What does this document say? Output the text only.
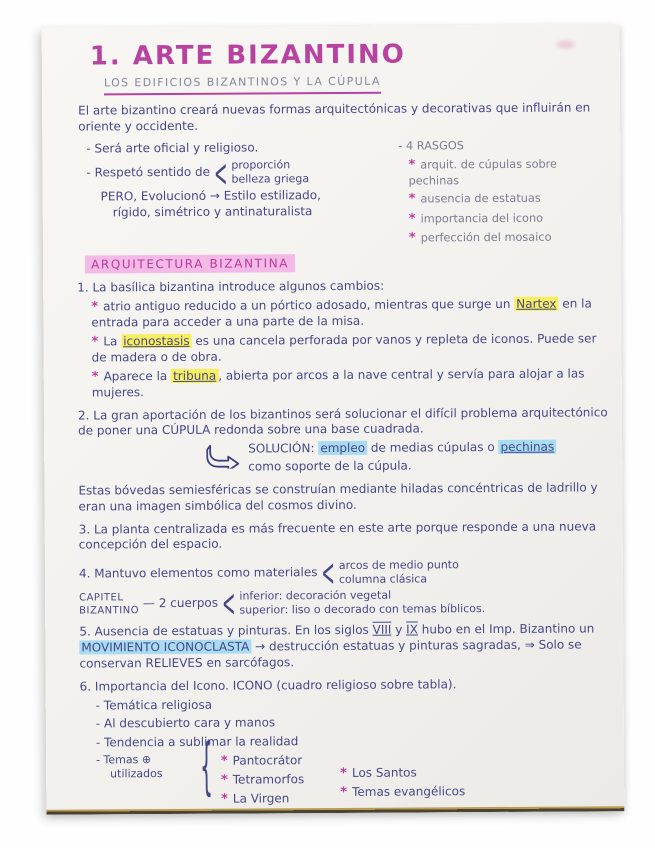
1. ARTE BIZANTINO
LOS EDIFICIOS BIZANTINOS Y LA CÚPULA

El arte bizantino creará nuevas formas arquitectónicas y decorativas que influirán en oriente y occidente.

- Será arte oficial y religioso.

- Respetó sentido de < proporción
belleza griega

PERO, Evolucionó → Estilo estilizado,

rígido, simétrico y antinaturalista

- 4 RASGOS

* arquit. de cúpulas sobre pechinas

* ausencia de estatuas

* importancia del icono

* perfección del mosaico

ARQUITECTURA BIZANTINA

1. La basílica bizantina introduce algunos cambios:

* atrio antiguo reducido a un pórtico adosado, mientras que surge un Nartex en la entrada para acceder a una parte de la misa.

* La iconostasis es una cancela perforada por vanos y repleta de iconos. Puede ser de madera o de obra.

* Aparece la tribuna , abierta por arcos a la nave central y servía para alojar a las mujeres.

2. La gran aportación de los bizantinos será solucionar el difícil problema arquitectónico de poner una CÚPULA redonda sobre una base cuadrada.

SOLUCIÓN: empleo de medias cúpulas o pechinas como soporte de la cúpula.

Estas bóvedas semiesféricas se construían mediante hiladas concéntricas de ladrillo y eran una imagen simbólica del cosmos divino.

3. La planta centralizada es más frecuente en este arte porque responde a una nueva concepción del espacio.

4. Mantuvo elementos como materiales < arcos de medio punto
columna clásica
CAPITEL
BIZANTINO
— 2 cuerpos < inferior: decoración vegetal
superior: liso o decorado con temas bíblicos.

5. Ausencia de estatuas y pinturas. En los siglos VIII y IX hubo en el Imp. Bizantino un MOVIMIENTO ICONOCLASTA → destrucción estatuas y pinturas sagradas, ⇒ Solo se conservan RELIEVES en sarcófagos.

6. Importancia del Icono. ICONO (cuadro religioso sobre tabla).

- Temática religiosa

- Al descubierto cara y manos

- Tendencia a sublimar la realidad

- Temas ⊕
utilizados	{ * Pantocrátor
* Tetramorfos
* La Virgen
* Los Santos
* Temas evangélicos
